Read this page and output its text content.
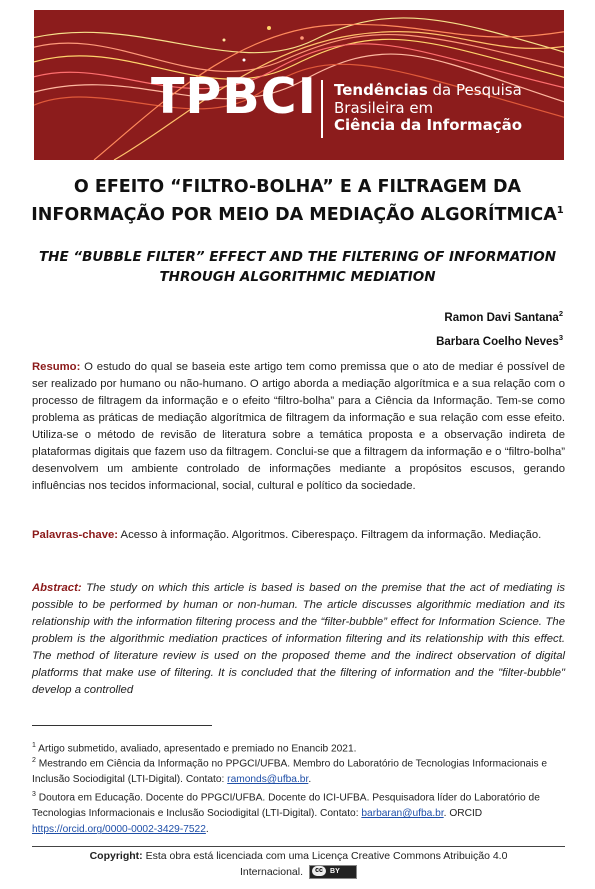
TPBCI Tendências da Pesquisa
Brasileira em
Ciência da Informação
O EFEITO “FILTRO-BOLHA” E A FILTRAGEM DA
INFORMAÇÃO POR MEIO DA MEDIAÇÃO ALGORÍTMICA$^1$
THE “BUBBLE FILTER” EFFECT AND THE FILTERING OF INFORMATION
THROUGH ALGORITHMIC MEDIATION
Ramon Davi Santana$^2$
Barbara Coelho Neves$^3$
Resumo: O estudo do qual se baseia este artigo tem como premissa que o ato de mediar é possível de ser realizado por humano ou não-humano. O artigo aborda a mediação algorítmica e a sua relação com o processo de filtragem da informação e o efeito “filtro-bolha” para a Ciência da Informação. Tem-se como problema as práticas de mediação algorítmica de filtragem da informação e sua relação com esse efeito. Utiliza-se o método de revisão de literatura sobre a temática proposta e a observação indireta de plataformas digitais que fazem uso da filtragem. Conclui-se que a filtragem da informação e o “filtro-bolha” desenvolvem um ambiente controlado de informações mediante a propósitos escusos, gerando influências nos tecidos informacional, social, cultural e político da sociedade.
Palavras-chave: Acesso à informação. Algoritmos. Ciberespaço. Filtragem da informação. Mediação.
Abstract: The study on which this article is based is based on the premise that the act of mediating is possible to be performed by human or non-human. The article discusses algorithmic mediation and its relationship with the information filtering process and the “filter-bubble” effect for Information Science. The problem is the algorithmic mediation practices of information filtering and its relationship with this effect. The method of literature review is used on the proposed theme and the indirect observation of digital platforms that make use of filtering. It is concluded that the filtering of information and the "filter-bubble" develop a controlled
$^1$ Artigo submetido, avaliado, apresentado e premiado no Enancib 2021.
$^2$ Mestrando em Ciência da Informação no PPGCI/UFBA. Membro do Laboratório de Tecnologias Informacionais e Inclusão Sociodigital (LTI-Digital). Contato: ramonds@ufba.br.
$^3$ Doutora em Educação. Docente do PPGCI/UFBA. Docente do ICI-UFBA. Pesquisadora líder do Laboratório de Tecnologias Informacionais e Inclusão Sociodigital (LTI-Digital). Contato: barbaran@ufba.br. ORCID https://orcid.org/0000-0002-3429-7522.
Copyright: Esta obra está licenciada com uma Licença Creative Commons Atribuição 4.0
Internacional.	cc	BY
